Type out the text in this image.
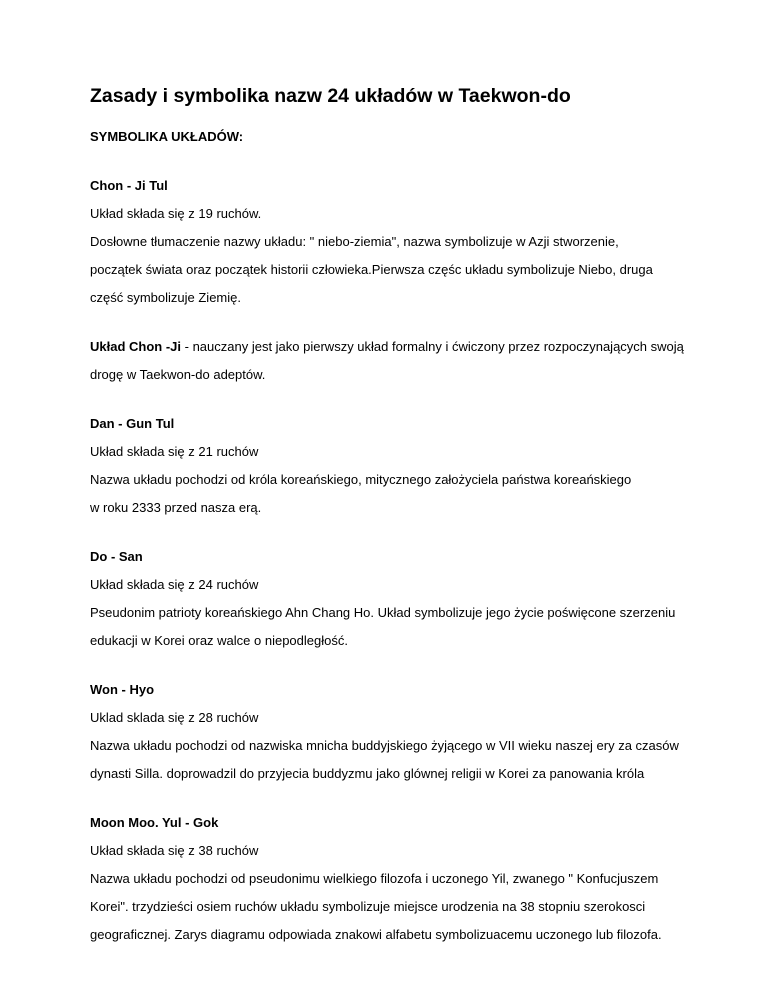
Zasady i symbolika nazw 24 układów w Taekwon-do

SYMBOLIKA UKŁADÓW:

Chon - Ji Tul

Układ składa się z 19 ruchów.

Dosłowne tłumaczenie nazwy układu: " niebo-ziemia", nazwa symbolizuje w Azji stworzenie,

początek świata oraz początek historii człowieka.Pierwsza częśc układu symbolizuje Niebo, druga

część symbolizuje Ziemię.

Układ Chon -Ji - nauczany jest jako pierwszy układ formalny i ćwiczony przez rozpoczynających swoją

drogę w Taekwon-do adeptów.

Dan - Gun Tul

Układ składa się z 21 ruchów

Nazwa układu pochodzi od króla koreańskiego, mitycznego założyciela państwa koreańskiego

w roku 2333 przed nasza erą.

Do - San

Układ składa się z 24 ruchów

Pseudonim patrioty koreańskiego Ahn Chang Ho. Układ symbolizuje jego życie poświęcone szerzeniu

edukacji w Korei oraz walce o niepodległość.

Won - Hyo

Uklad sklada się z 28 ruchów

Nazwa układu pochodzi od nazwiska mnicha buddyjskiego żyjącego w VII wieku naszej ery za czasów

dynasti Silla. doprowadzil do przyjecia buddyzmu jako glównej religii w Korei za panowania króla

Moon Moo. Yul - Gok

Układ składa się z 38 ruchów

Nazwa układu pochodzi od pseudonimu wielkiego filozofa i uczonego Yil, zwanego " Konfucjuszem

Korei". trzydzieści osiem ruchów układu symbolizuje miejsce urodzenia na 38 stopniu szerokosci

geograficznej. Zarys diagramu odpowiada znakowi alfabetu symbolizuacemu uczonego lub filozofa.
